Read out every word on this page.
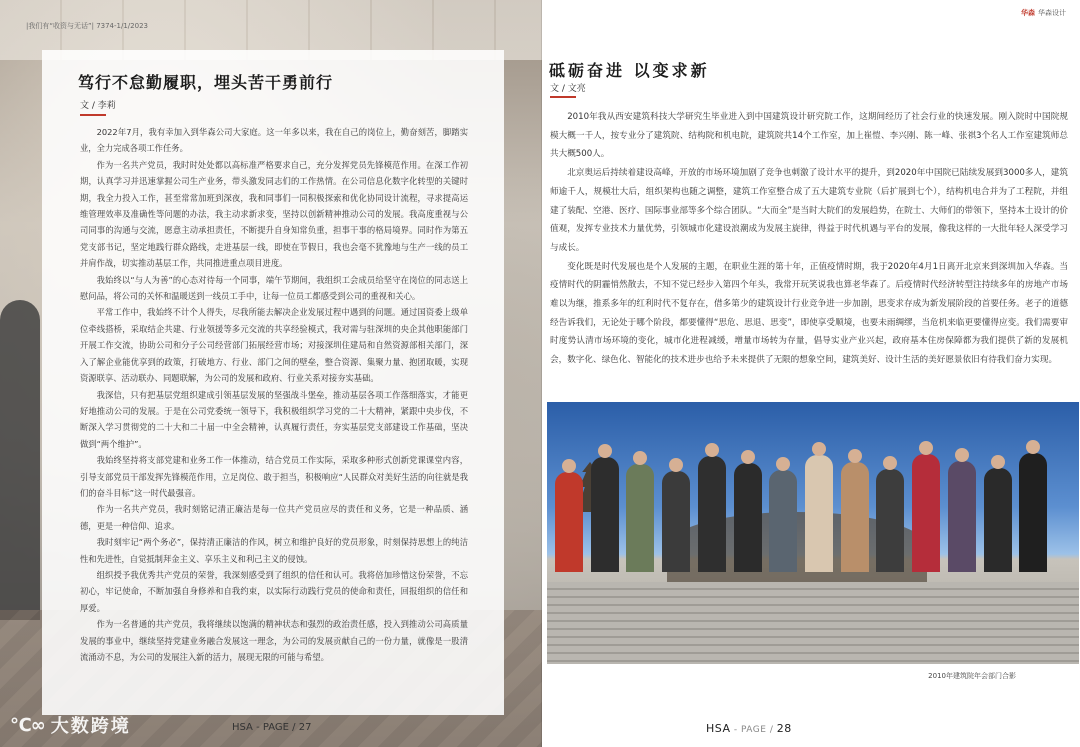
|我们有“收资与无话”| 7374-1/1/2023
笃行不怠勤履职，埋头苦干勇前行
文 / 李莉

2022年7月，我有幸加入到华森公司大家庭。这一年多以来，我在自己的岗位上，勤奋刻苦，脚踏实业，全力完成各项工作任务。

作为一名共产党员，我时时处处都以高标准严格要求自己，充分发挥党员先锋模范作用。在深工作初期，认真学习并迅速掌握公司生产业务，带头激发同志们的工作热情。在公司信息化数字化转型的关键时期，我全力投入工作，甚至常常加班到深夜，我和同事们一同积极探索和优化协同设计流程，寻求提高运维管理效率及准确性等问题的办法，我主动求新求变，坚持以创新精神推动公司的发展。我高度重视与公司同事的沟通与交流，愿意主动承担责任，不断提升自身知常负重，担事干事的格局境界。同时作为第五党支部书记，坚定地践行群众路线，走进基层一线，即使在节假日，我也会毫不犹豫地与生产一线的员工并肩作战，切实推动基层工作，共同推进重点项目进度。

我始终以“与人为善”的心态对待每一个同事，端午节期间，我组织工会成员给坚守在岗位的同志送上慰问品，将公司的关怀和温暖送到一线员工手中，让每一位员工都感受到公司的重视和关心。

平常工作中，我始终不计个人得失，尽我所能去解决企业发展过程中遇到的问题。通过国资委上级单位牵线搭桥，采取结企共建、行业领援等多元交流的共享经验模式，我对需与驻深圳的央企其他职能部门开展工作交流，协助公司和分子公司经营部门拓展经营市场；对接深圳住建局和自然资源部相关部门，深入了解企业能优享到的政策，打破地方、行业、部门之间的壁垒，整合资源、集聚力量、抱团取暖，实现资源联享、活动联办、同题联解，为公司的发展和政府、行业关系对接夯实基础。

我深信，只有把基层党组织建成引领基层发展的坚强战斗堡垒，推动基层各项工作落细落实，才能更好地推动公司的发展。于是在公司党委统一领导下，我积极组织学习党的二十大精神，紧跟中央步伐，不断深入学习贯彻党的二十大和二十届一中全会精神，认真履行责任，夯实基层党支部建设工作基础，坚决做到“两个维护”。

我始终坚持将支部党建和业务工作一体推动，结合党员工作实际，采取多种形式创新党课课堂内容，引导支部党员干部发挥先锋模范作用，立足岗位、敢于担当，积极响应“人民群众对美好生活的向往就是我们的奋斗目标”这一时代最强音。

作为一名共产党员，我时刻铭记清正廉洁是每一位共产党员应尽的责任和义务，它是一种品质、涵德，更是一种信仰、追求。

我时刻牢记“两个务必”，保持清正廉洁的作风，树立和维护良好的党员形象，时刻保持思想上的纯洁性和先进性，自觉抵制拜金主义、享乐主义和利己主义的侵蚀。

组织授予我优秀共产党员的荣誉，我深刻感受到了组织的信任和认可。我将倍加珍惜这份荣誉，不忘初心，牢记使命，不断加强自身修养和自我约束，以实际行动践行党员的使命和责任，回报组织的信任和厚爱。

作为一名普通的共产党员，我将继续以饱满的精神状态和强烈的政治责任感，投入到推动公司高质量发展的事业中，继续坚持党建业务融合发展这一理念，为公司的发展贡献自己的一份力量，就像是一股清流涌动不息，为公司的发展注入新的活力，展现无限的可能与希望。

℃∞ 大数跨境	HSA - PAGE / 27
华森 华森设计
砥砺奋进 以变求新
文 / 文亮

2010年我从西安建筑科技大学研究生毕业进入到中国建筑设计研究院工作，这期间经历了社会行业的快速发展。刚入院时中国院规模大概一千人，按专业分了建筑院、结构院和机电院，建筑院共14个工作室，加上崔愷、李兴刚、陈一峰、张祺3个名人工作室建筑师总共大概500人。

北京奥运后持续着建设高峰，开放的市场环境加剧了竞争也刺激了设计水平的提升，到2020年中国院已陆续发展到3000多人，建筑师逾千人，规模壮大后，组织架构也随之调整，建筑工作室整合成了五大建筑专业院（后扩展到七个），结构机电合并为了工程院，并组建了装配、空港、医疗、国际事业部等多个综合团队。“大而全”是当时大院们的发展趋势，在院士、大师们的带领下，坚持本土设计的价值观，发挥专业技术力量优势，引领城市化建设浪潮成为发展主旋律，得益于时代机遇与平台的发展，像我这样的一大批年轻人深受学习与成长。

变化既是时代发展也是个人发展的主题，在职业生涯的第十年，正值疫情时期，我于2020年4月1日离开北京来到深圳加入华森。当疫情时代的阴霾悄然散去，不知不觉已经步入第四个年头，我常开玩笑说我也算老华森了。后疫情时代经济转型注持续多年的房地产市场难以为继，推系多年的红利时代不复存在，借多第少的建筑设计行业竞争进一步加剧，思变求存成为新发展阶段的首要任务。老子的道德经告诉我们，无论处于哪个阶段，都要懂得“思危、思退、思变”，即使享受顺境，也要未雨绸缪，当危机来临更要懂得应变。我们需要审时度势认清市场环境的变化，城市化进程减缓，增量市场转为存量，倡导实业产业兴起，政府基本住房保障都为我们提供了新的发展机会，数字化、绿色化、智能化的技术进步也给予未来提供了无限的想象空间，建筑美好、设计生活的美好愿景依旧有待我们奋力实现。

2010年建筑院年会部门合影
HSA - PAGE / 28
